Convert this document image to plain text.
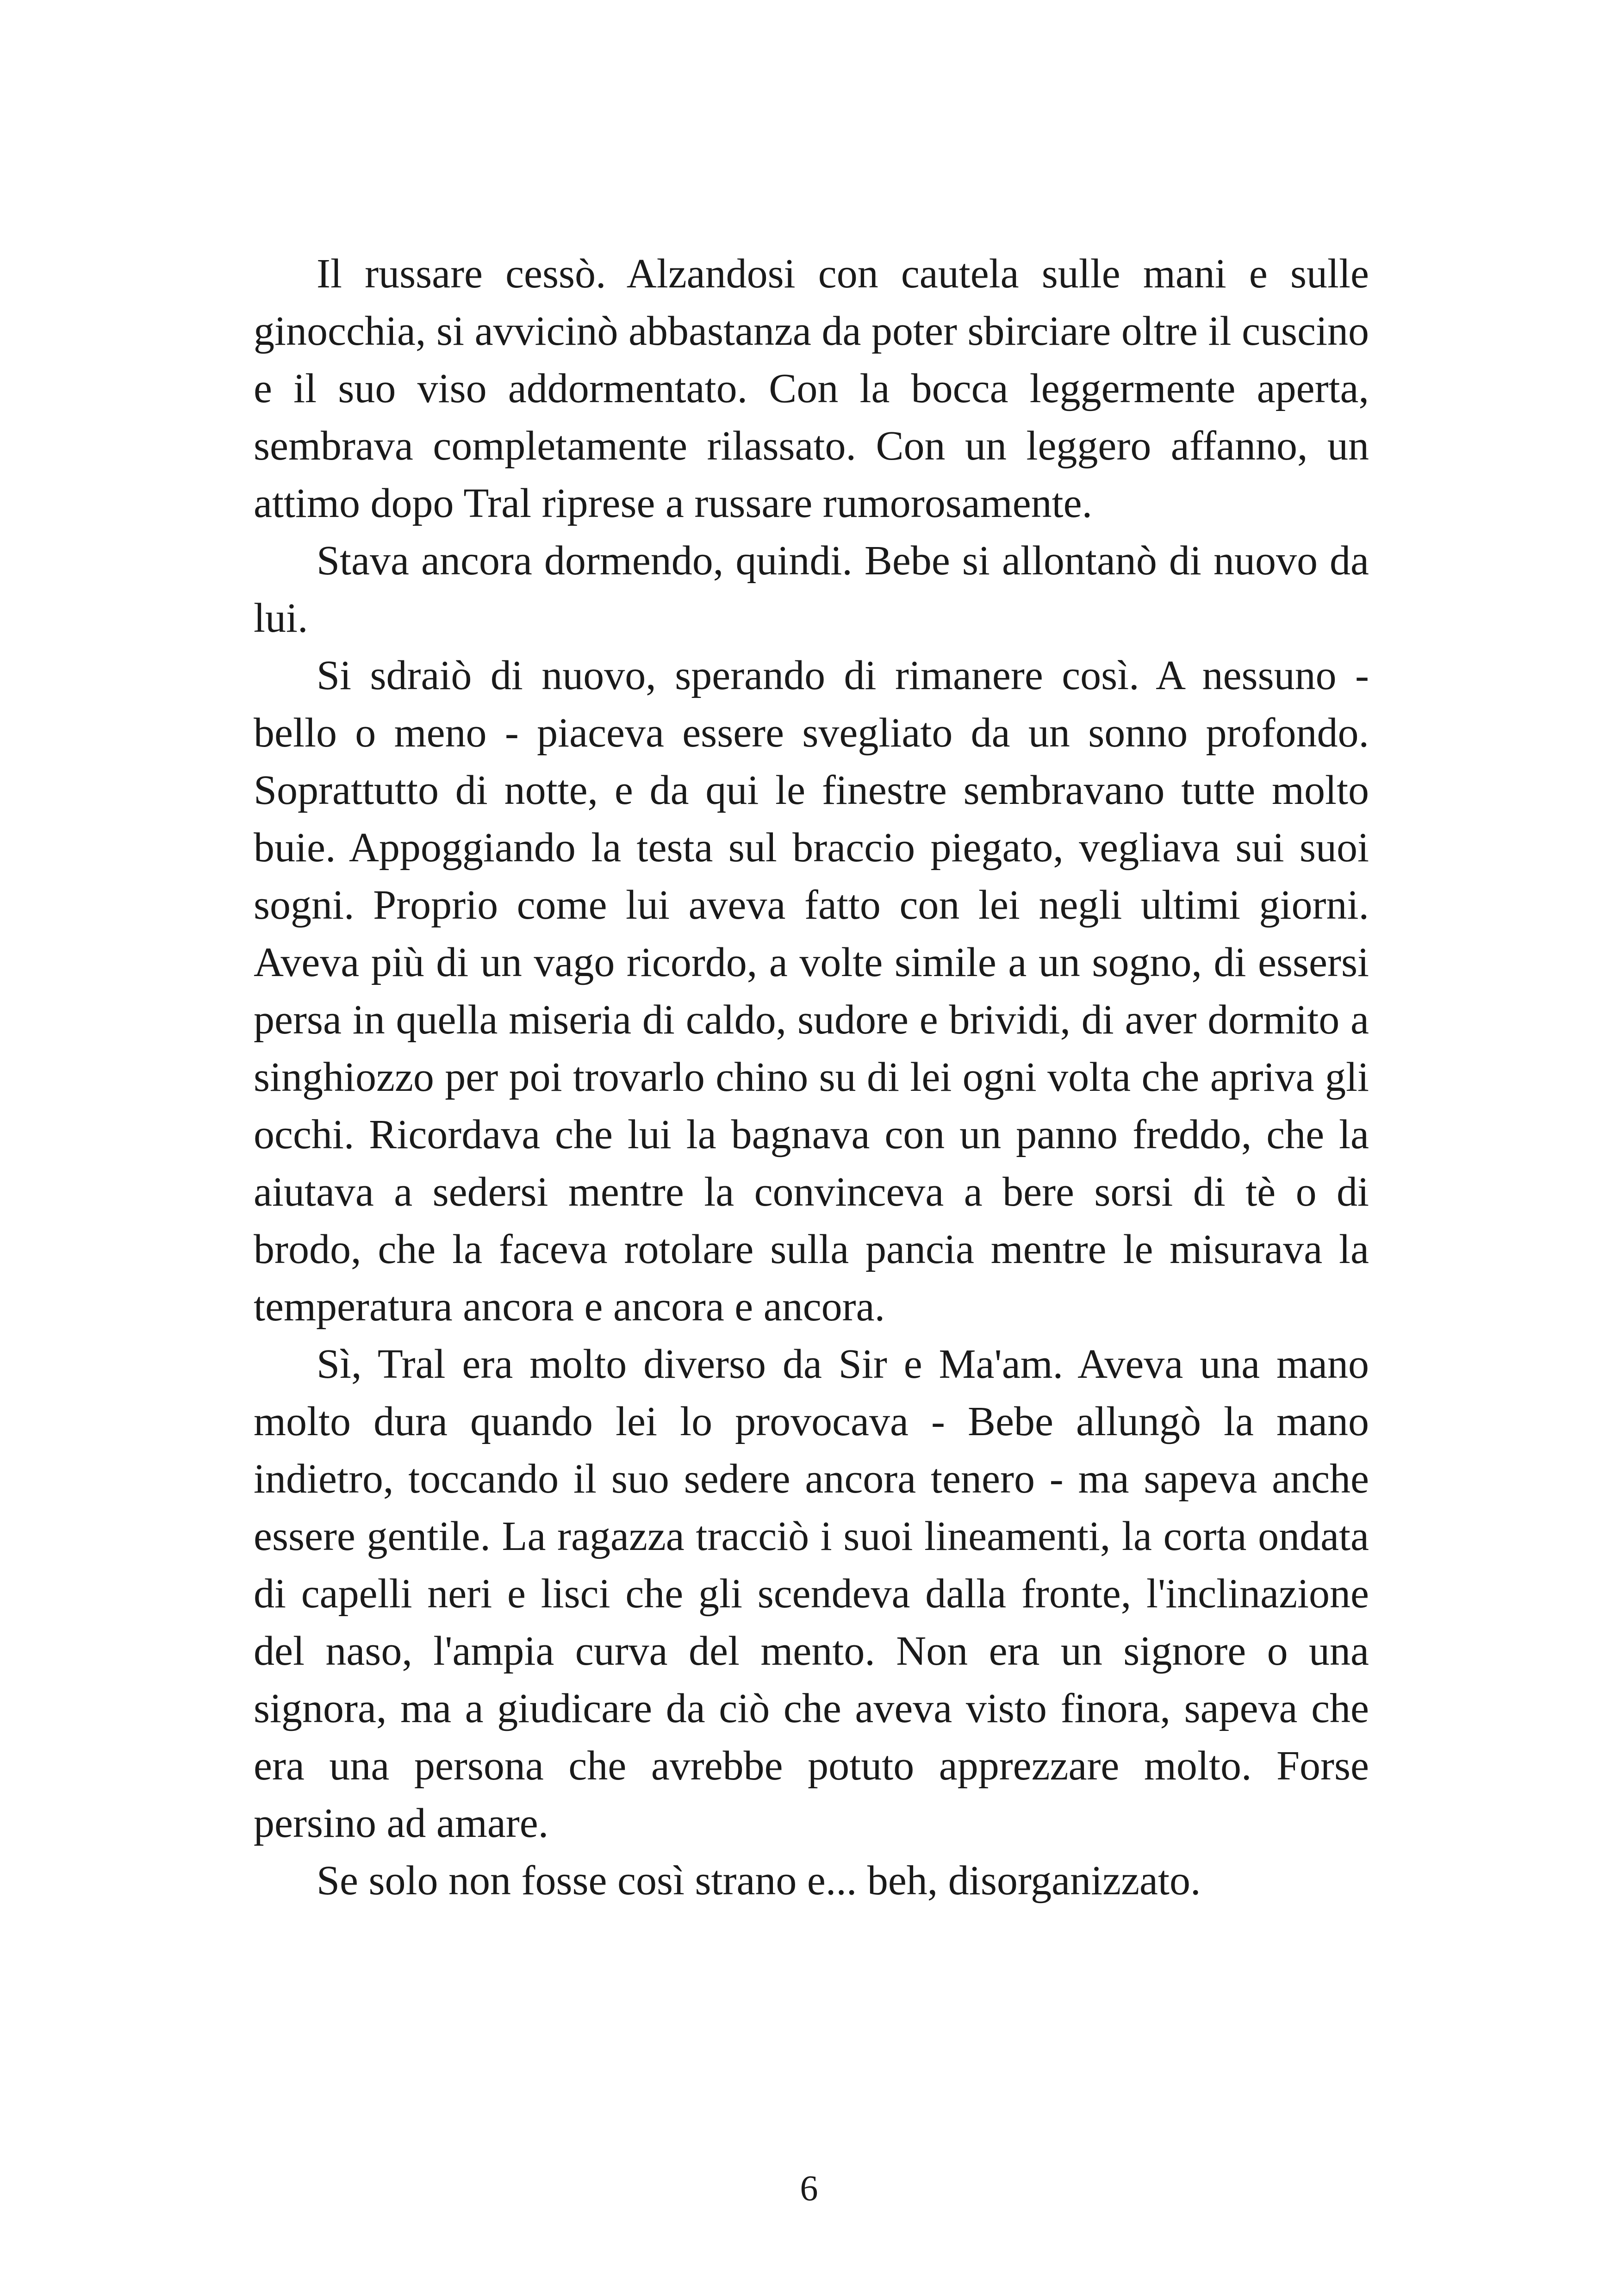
Il russare cessò. Alzandosi con cautela sulle mani e sulle ginocchia, si avvicinò abbastanza da poter sbirciare oltre il cuscino e il suo viso addormentato. Con la bocca leggermente aperta, sembrava completamente rilassato. Con un leggero affanno, un attimo dopo Tral riprese a russare rumorosamente.

Stava ancora dormendo, quindi. Bebe si allontanò di nuovo da lui.

Si sdraiò di nuovo, sperando di rimanere così. A nessuno - bello o meno - piaceva essere svegliato da un sonno profondo. Soprattutto di notte, e da qui le finestre sembravano tutte molto buie. Appoggiando la testa sul braccio piegato, vegliava sui suoi sogni. Proprio come lui aveva fatto con lei negli ultimi giorni. Aveva più di un vago ricordo, a volte simile a un sogno, di essersi persa in quella miseria di caldo, sudore e brividi, di aver dormito a singhiozzo per poi trovarlo chino su di lei ogni volta che apriva gli occhi. Ricordava che lui la bagnava con un panno freddo, che la aiutava a sedersi mentre la convinceva a bere sorsi di tè o di brodo, che la faceva rotolare sulla pancia mentre le misurava la temperatura ancora e ancora e ancora.

Sì, Tral era molto diverso da Sir e Ma'am. Aveva una mano molto dura quando lei lo provocava - Bebe allungò la mano indietro, toccando il suo sedere ancora tenero - ma sapeva anche essere gentile. La ragazza tracciò i suoi lineamenti, la corta ondata di capelli neri e lisci che gli scendeva dalla fronte, l'inclinazione del naso, l'ampia curva del mento. Non era un signore o una signora, ma a giudicare da ciò che aveva visto finora, sapeva che era una persona che avrebbe potuto apprezzare molto. Forse persino ad amare.

Se solo non fosse così strano e... beh, disorganizzato.

6
